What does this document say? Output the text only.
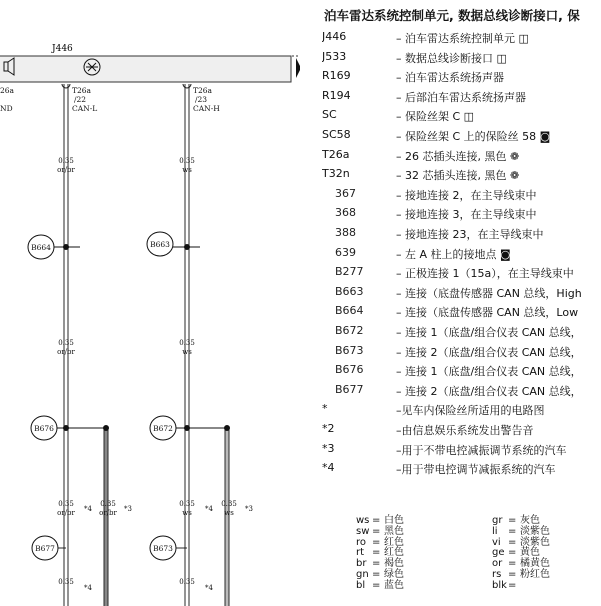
J446
26a
ND
T26a
/22
CAN-L
T26a
/23
CAN-H
B664	B663
B676	B672
B677	B673
0.35
or/br
0.35
ws
0.35
or/br
0.35
ws
0.35
or/br
0.35
or/br
0.35
ws
0.35
ws
0.35	0.35
*4	*3	*4	*3
*4	*4
泊车雷达系统控制单元, 数据总线诊断接口, 保
J446	– 泊车雷达系统控制单元 ◫
J533	– 数据总线诊断接口 ◫
R169	– 泊车雷达系统扬声器
R194	– 后部泊车雷达系统扬声器
SC	– 保险丝架 C ◫
SC58	– 保险丝架 C 上的保险丝 58 ◙
T26a	– 26 芯插头连接, 黑色 ❁
T32n	– 32 芯插头连接, 黑色 ❁
367	– 接地连接 2，在主导线束中
368	– 接地连接 3，在主导线束中
388	– 接地连接 23，在主导线束中
639	– 左 A 柱上的接地点 ◙
B277	– 正极连接 1（15a），在主导线束中
B663	– 连接（底盘传感器 CAN 总线，High
B664	– 连接（底盘传感器 CAN 总线，Low
B672	– 连接 1（底盘/组合仪表 CAN 总线，
B673	– 连接 2（底盘/组合仪表 CAN 总线，
B676	– 连接 1（底盘/组合仪表 CAN 总线，
B677	– 连接 2（底盘/组合仪表 CAN 总线，
*	–见车内保险丝所适用的电路图
*2	–由信息娱乐系统发出警告音
*3	–用于不带电控减振调节系统的汽车
*4	–用于带电控调节减振系统的汽车
ws = 白色
sw = 黑色
ro = 红色
rt = 红色
br = 褐色
gn = 绿色
bl = 蓝色
gr = 灰色
li = 淡紫色
vi = 淡紫色
ge = 黄色
or = 橘黄色
rs = 粉红色
blk=
